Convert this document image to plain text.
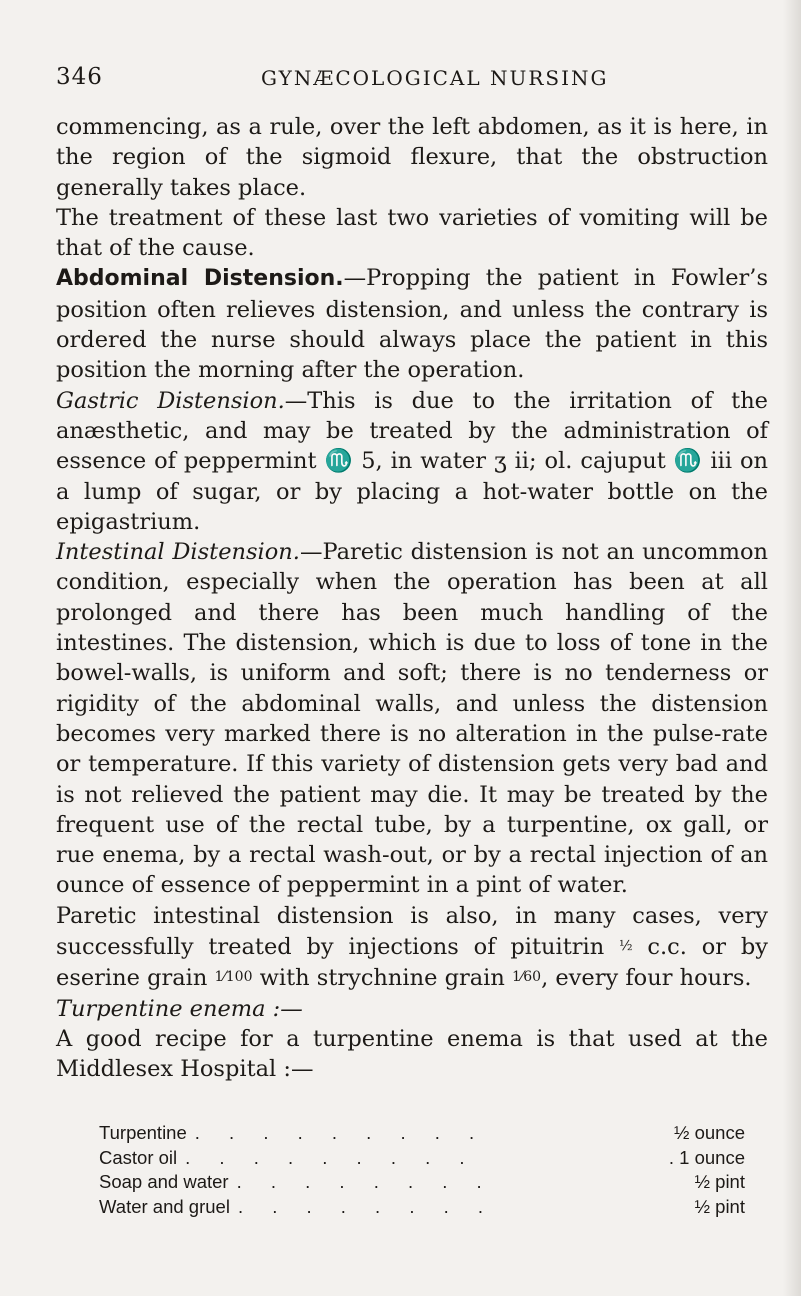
346	GYNÆCOLOGICAL NURSING

commencing, as a rule, over the left abdomen, as it is here, in the region of the sigmoid flexure, that the obstruction generally takes place.

The treatment of these last two varieties of vomiting will be that of the cause.

Abdominal Distension.—Propping the patient in Fowler’s position often relieves distension, and unless the contrary is ordered the nurse should always place the patient in this position the morning after the operation.

Gastric Distension.—This is due to the irritation of the anæsthetic, and may be treated by the administration of essence of peppermint ♏ 5, in water ʒ ii; ol. cajuput ♏ iii on a lump of sugar, or by placing a hot-water bottle on the epigastrium.

Intestinal Distension.—Paretic distension is not an uncommon condition, especially when the operation has been at all prolonged and there has been much handling of the intestines. The distension, which is due to loss of tone in the bowel-walls, is uniform and soft; there is no tenderness or rigidity of the abdominal walls, and unless the distension becomes very marked there is no alteration in the pulse-rate or temperature. If this variety of distension gets very bad and is not relieved the patient may die. It may be treated by the frequent use of the rectal tube, by a turpentine, ox gall, or rue enema, by a rectal wash-out, or by a rectal injection of an ounce of essence of peppermint in a pint of water.

Paretic intestinal distension is also, in many cases, very successfully treated by injections of pituitrin ½ c.c. or by eserine grain 1⁄100 with strychnine grain 1⁄60, every four hours.

Turpentine enema :—

A good recipe for a turpentine enema is that used at the Middlesex Hospital :—

Turpentine . . . . . . . . .	½ ounce
Castor oil . . . . . . . . .	. 1 ounce
Soap and water . . . . . . . .	½ pint
Water and gruel . . . . . . . .	½ pint
